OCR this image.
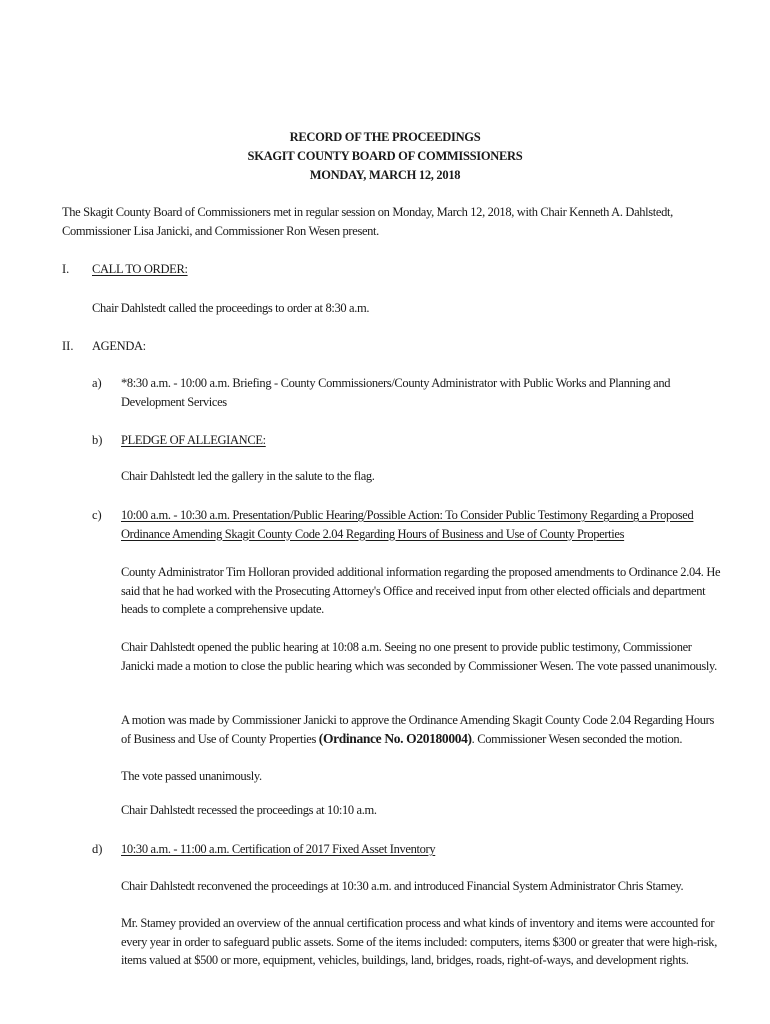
RECORD OF THE PROCEEDINGS
SKAGIT COUNTY BOARD OF COMMISSIONERS
MONDAY, MARCH 12, 2018
The Skagit County Board of Commissioners met in regular session on Monday, March 12, 2018, with Chair Kenneth A. Dahlstedt, Commissioner Lisa Janicki, and Commissioner Ron Wesen present.
I. CALL TO ORDER:
Chair Dahlstedt called the proceedings to order at 8:30 a.m.
II. AGENDA:
a) *8:30 a.m. - 10:00 a.m. Briefing - County Commissioners/County Administrator with Public Works and Planning and Development Services
b) PLEDGE OF ALLEGIANCE:
Chair Dahlstedt led the gallery in the salute to the flag.
c) 10:00 a.m. - 10:30 a.m. Presentation/Public Hearing/Possible Action: To Consider Public Testimony Regarding a Proposed Ordinance Amending Skagit County Code 2.04 Regarding Hours of Business and Use of County Properties
County Administrator Tim Holloran provided additional information regarding the proposed amendments to Ordinance 2.04. He said that he had worked with the Prosecuting Attorney's Office and received input from other elected officials and department heads to complete a comprehensive update.
Chair Dahlstedt opened the public hearing at 10:08 a.m. Seeing no one present to provide public testimony, Commissioner Janicki made a motion to close the public hearing which was seconded by Commissioner Wesen. The vote passed unanimously.
A motion was made by Commissioner Janicki to approve the Ordinance Amending Skagit County Code 2.04 Regarding Hours of Business and Use of County Properties (Ordinance No. O20180004). Commissioner Wesen seconded the motion.
The vote passed unanimously.
Chair Dahlstedt recessed the proceedings at 10:10 a.m.
d) 10:30 a.m. - 11:00 a.m. Certification of 2017 Fixed Asset Inventory
Chair Dahlstedt reconvened the proceedings at 10:30 a.m. and introduced Financial System Administrator Chris Stamey.
Mr. Stamey provided an overview of the annual certification process and what kinds of inventory and items were accounted for every year in order to safeguard public assets. Some of the items included: computers, items $300 or greater that were high-risk, items valued at $500 or more, equipment, vehicles, buildings, land, bridges, roads, right-of-ways, and development rights.
